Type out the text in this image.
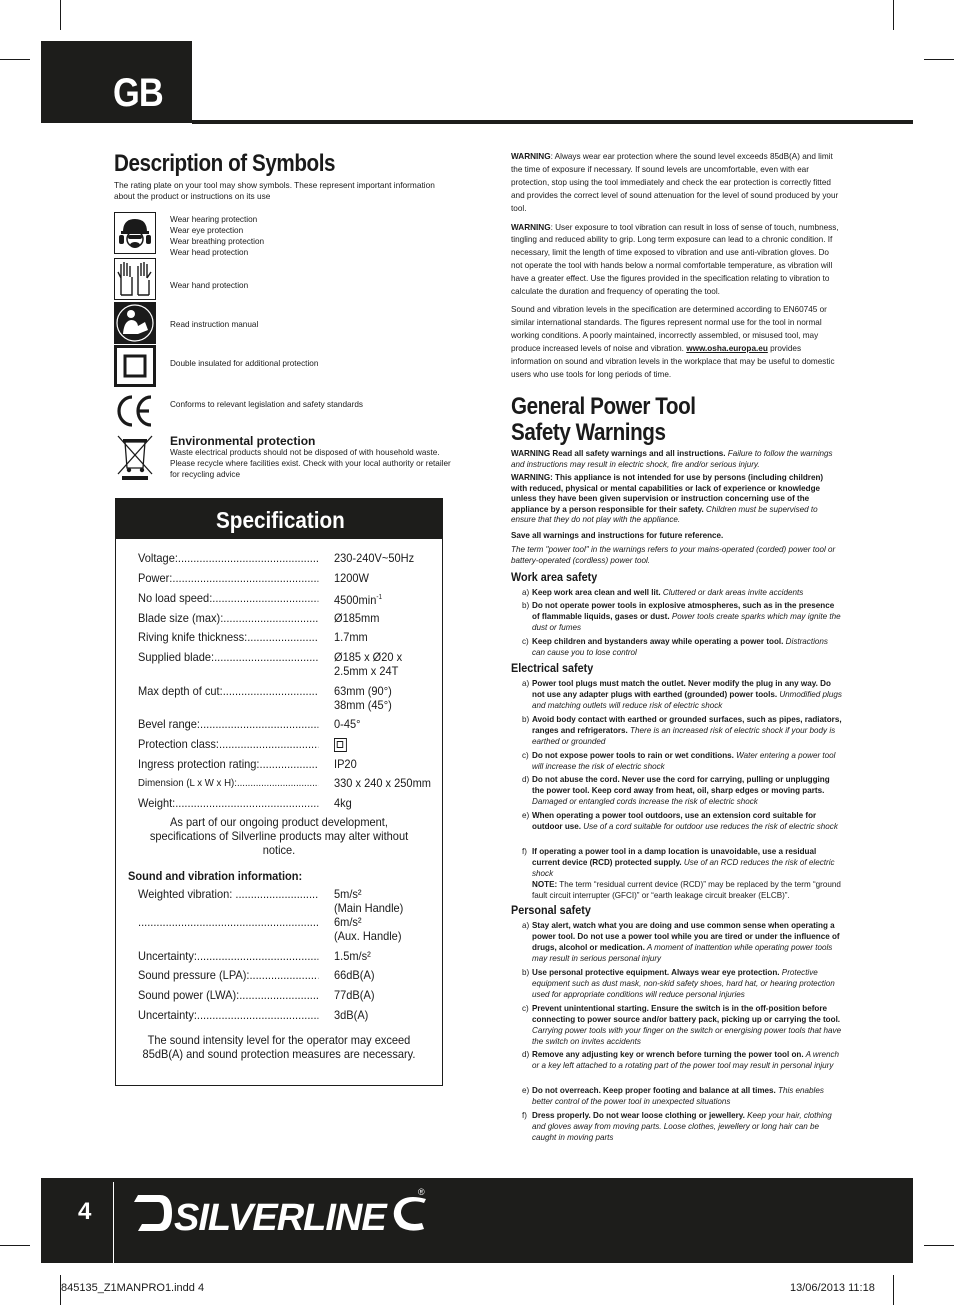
GB
Description of Symbols
The rating plate on your tool may show symbols. These represent important information about the product or instructions on its use
Wear hearing protection
Wear eye protection
Wear breathing protection
Wear head protection
Wear hand protection
Read instruction manual
Double insulated for additional protection
Conforms to relevant legislation and safety standards
Environmental protection
Waste electrical products should not be disposed of with household waste. Please recycle where facilities exist. Check with your local authority or retailer for recycling advice
Specification
Voltage: .....	230-240V~50Hz
Power: .....	1200W
No load speed: .....	$4500\min^{-1}$
Blade size (max): .....	Ø185mm
Riving knife thickness: .....	1.7mm
Supplied blade: .....	Ø185 x Ø20 x
2.5mm x 24T
Max depth of cut: .....	63mm (90°)
38mm (45°)
Bevel range: .....	0-45°
Protection class: .....
Ingress protection rating: .....	IP20
Dimension (L x W x H): .....	330 x 240 x 250mm
Weight: .....	4kg
As part of our ongoing product development, specifications of Silverline products may alter without notice.
Sound and vibration information:
Weighted vibration: .....	5m/s²
(Main Handle)
.....
6m/s²
(Aux. Handle)
Uncertainty: .....	1.5m/s²
Sound pressure (LPA): .....	66dB(A)
Sound power (LWA): .....	77dB(A)
Uncertainty: .....	3dB(A)
The sound intensity level for the operator may exceed 85dB(A) and sound protection measures are necessary.

WARNING: Always wear ear protection where the sound level exceeds 85dB(A) and limit the time of exposure if necessary. If sound levels are uncomfortable, even with ear protection, stop using the tool immediately and check the ear protection is correctly fitted and provides the correct level of sound attenuation for the level of sound produced by your tool.

WARNING: User exposure to tool vibration can result in loss of sense of touch, numbness, tingling and reduced ability to grip. Long term exposure can lead to a chronic condition. If necessary, limit the length of time exposed to vibration and use anti-vibration gloves. Do not operate the tool with hands below a normal comfortable temperature, as vibration will have a greater effect. Use the figures provided in the specification relating to vibration to calculate the duration and frequency of operating the tool.

Sound and vibration levels in the specification are determined according to EN60745 or similar international standards. The figures represent normal use for the tool in normal working conditions. A poorly maintained, incorrectly assembled, or misused tool, may produce increased levels of noise and vibration. www.osha.europa.eu provides information on sound and vibration levels in the workplace that may be useful to domestic users who use tools for long periods of time.

General Power Tool
Safety Warnings
WARNING Read all safety warnings and all instructions. Failure to follow the warnings and instructions may result in electric shock, fire and/or serious injury.
WARNING: This appliance is not intended for use by persons (including children) with reduced, physical or mental capabilities or lack of experience or knowledge unless they have been given supervision or instruction concerning use of the appliance by a person responsible for their safety. Children must be supervised to ensure that they do not play with the appliance.
Save all warnings and instructions for future reference.
The term "power tool" in the warnings refers to your mains-operated (corded) power tool or battery-operated (cordless) power tool.
Work area safety
a) Keep work area clean and well lit. Cluttered or dark areas invite accidents
b) Do not operate power tools in explosive atmospheres, such as in the presence of flammable liquids, gases or dust. Power tools create sparks which may ignite the dust or fumes
c) Keep children and bystanders away while operating a power tool. Distractions can cause you to lose control
Electrical safety
a) Power tool plugs must match the outlet. Never modify the plug in any way. Do not use any adapter plugs with earthed (grounded) power tools. Unmodified plugs and matching outlets will reduce risk of electric shock
b) Avoid body contact with earthed or grounded surfaces, such as pipes, radiators, ranges and refrigerators. There is an increased risk of electric shock if your body is earthed or grounded
c) Do not expose power tools to rain or wet conditions. Water entering a power tool will increase the risk of electric shock
d) Do not abuse the cord. Never use the cord for carrying, pulling or unplugging the power tool. Keep cord away from heat, oil, sharp edges or moving parts. Damaged or entangled cords increase the risk of electric shock
e) When operating a power tool outdoors, use an extension cord suitable for outdoor use. Use of a cord suitable for outdoor use reduces the risk of electric shock
f) If operating a power tool in a damp location is unavoidable, use a residual current device (RCD) protected supply. Use of an RCD reduces the risk of electric shock
NOTE: The term “residual current device (RCD)” may be replaced by the term “ground fault circuit interrupter (GFCI)” or “earth leakage circuit breaker (ELCB)”.
Personal safety
a) Stay alert, watch what you are doing and use common sense when operating a power tool. Do not use a power tool while you are tired or under the influence of drugs, alcohol or medication. A moment of inattention while operating power tools may result in serious personal injury
b) Use personal protective equipment. Always wear eye protection. Protective equipment such as dust mask, non-skid safety shoes, hard hat, or hearing protection used for appropriate conditions will reduce personal injuries
c) Prevent unintentional starting. Ensure the switch is in the off-position before connecting to power source and/or battery pack, picking up or carrying the tool. Carrying power tools with your finger on the switch or energising power tools that have the switch on invites accidents
d) Remove any adjusting key or wrench before turning the power tool on. A wrench or a key left attached to a rotating part of the power tool may result in personal injury
e) Do not overreach. Keep proper footing and balance at all times. This enables better control of the power tool in unexpected situations
f) Dress properly. Do not wear loose clothing or jewellery. Keep your hair, clothing and gloves away from moving parts. Loose clothes, jewellery or long hair can be caught in moving parts
4 SILVERLINE
®
845135_Z1MANPRO1.indd 4	13/06/2013 11:18
